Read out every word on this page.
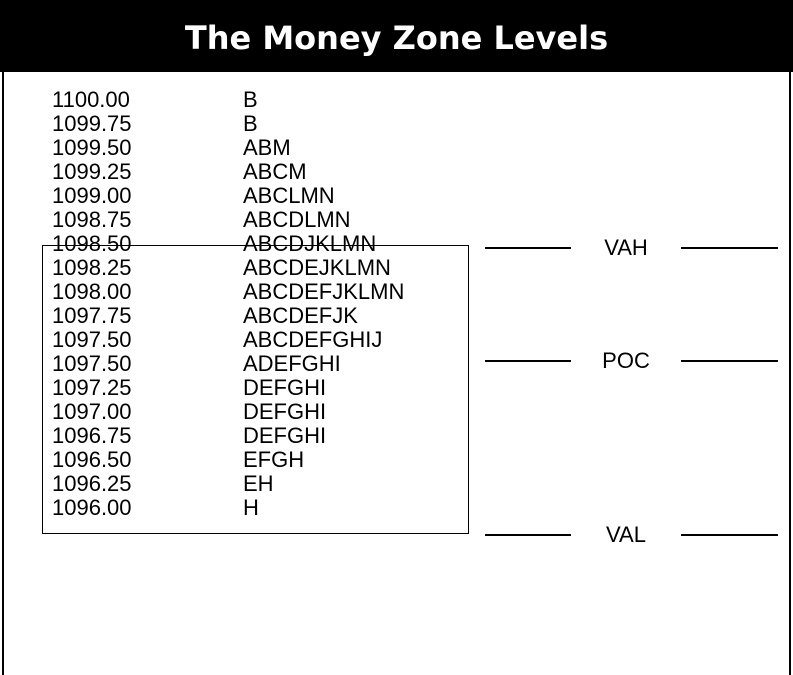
The Money Zone Levels
1100.00	B
1099.75	B
1099.50	ABM
1099.25	ABCM
1099.00	ABCLMN
1098.75	ABCDLMN
1098.50	ABCDJKLMN
1098.25	ABCDEJKLMN
1098.00	ABCDEFJKLMN
1097.75	ABCDEFJK
1097.50	ABCDEFGHIJ
1097.50	ADEFGHI
1097.25	DEFGHI
1097.00	DEFGHI
1096.75	DEFGHI
1096.50	EFGH
1096.25	EH
1096.00	H
VAH
POC
VAL
